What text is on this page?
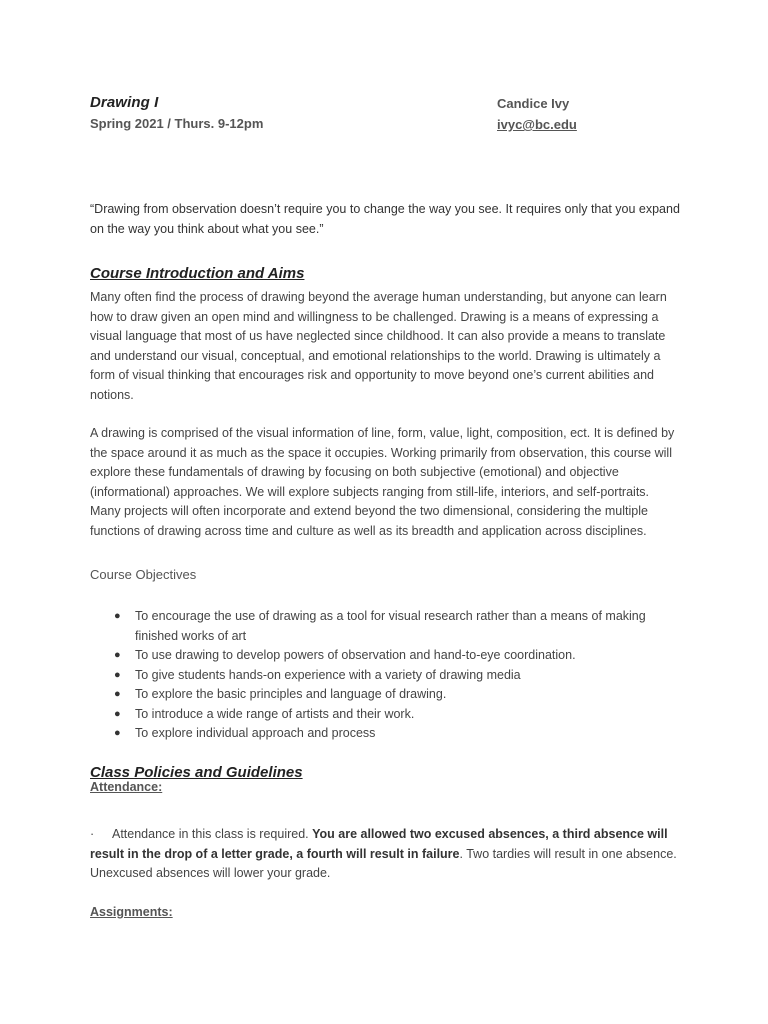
Drawing I
Spring 2021 / Thurs. 9-12pm
Candice Ivy
ivyc@bc.edu
“Drawing from observation doesn’t require you to change the way you see. It requires only that you expand on the way you think about what you see.”
Course Introduction and Aims
Many often find the process of drawing beyond the average human understanding, but anyone can learn how to draw given an open mind and willingness to be challenged. Drawing is a means of expressing a visual language that most of us have neglected since childhood. It can also provide a means to translate and understand our visual, conceptual, and emotional relationships to the world. Drawing is ultimately a form of visual thinking that encourages risk and opportunity to move beyond one’s current abilities and notions.
A drawing is comprised of the visual information of line, form, value, light, composition, ect. It is defined by the space around it as much as the space it occupies. Working primarily from observation, this course will explore these fundamentals of drawing by focusing on both subjective (emotional) and objective (informational) approaches. We will explore subjects ranging from still-life, interiors, and self-portraits. Many projects will often incorporate and extend beyond the two dimensional, considering the multiple functions of drawing across time and culture as well as its breadth and application across disciplines.
Course Objectives
● To encourage the use of drawing as a tool for visual research rather than a means of making finished works of art
● To use drawing to develop powers of observation and hand-to-eye coordination.
● To give students hands-on experience with a variety of drawing media
● To explore the basic principles and language of drawing.
● To introduce a wide range of artists and their work.
● To explore individual approach and process
Class Policies and Guidelines
Attendance:
· Attendance in this class is required. You are allowed two excused absences, a third absence will result in the drop of a letter grade, a fourth will result in failure. Two tardies will result in one absence. Unexcused absences will lower your grade.
Assignments:
